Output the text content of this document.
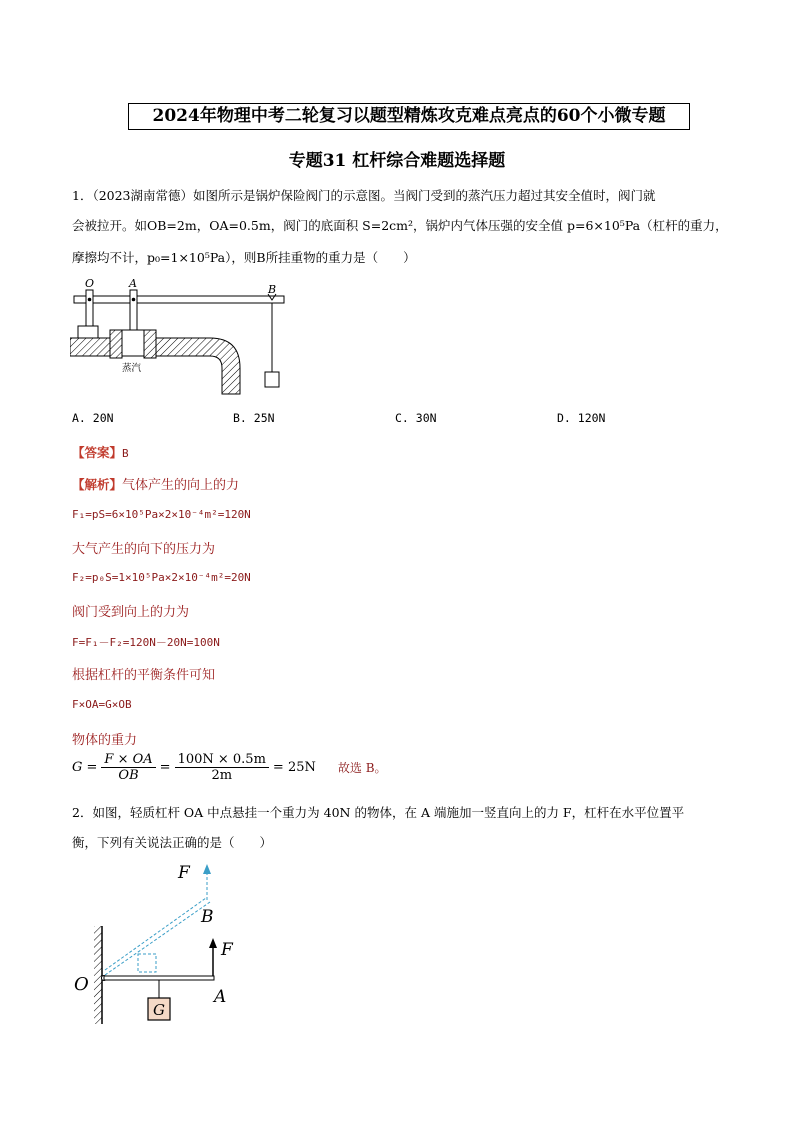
2024年物理中考二轮复习以题型精炼攻克难点亮点的60个小微专题
专题31 杠杆综合难题选择题
1．（2023湖南常德）如图所示是锅炉保险阀门的示意图。当阀门受到的蒸汽压力超过其安全值时，阀门就
会被拉开。如OB=2m，OA=0.5m，阀门的底面积 S=2cm²，锅炉内气体压强的安全值 p=6×10⁵Pa（杠杆的重力，
摩擦均不计，p₀=1×10⁵Pa），则B所挂重物的重力是（　　）
O	A	B
蒸汽
A. 20N	B. 25N	C. 30N	D. 120N
【答案】B
【解析】气体产生的向上的力
F₁=pS=6×10⁵Pa×2×10⁻⁴m²=120N
大气产生的向下的压力为
F₂=p₀S=1×10⁵Pa×2×10⁻⁴m²=20N
阀门受到向上的力为
F=F₁－F₂=120N－20N=100N
根据杠杆的平衡条件可知
F×OA=G×OB
物体的重力
$G = \frac{F \times OA}{OB} = \frac{100N \times 0.5m}{2m} = 25N$ 故选 B。
2．如图，轻质杠杆 OA 中点悬挂一个重力为 40N 的物体，在 A 端施加一竖直向上的力 F，杠杆在水平位置平
衡，下列有关说法正确的是（　　）
F
B
F
O
A
G
